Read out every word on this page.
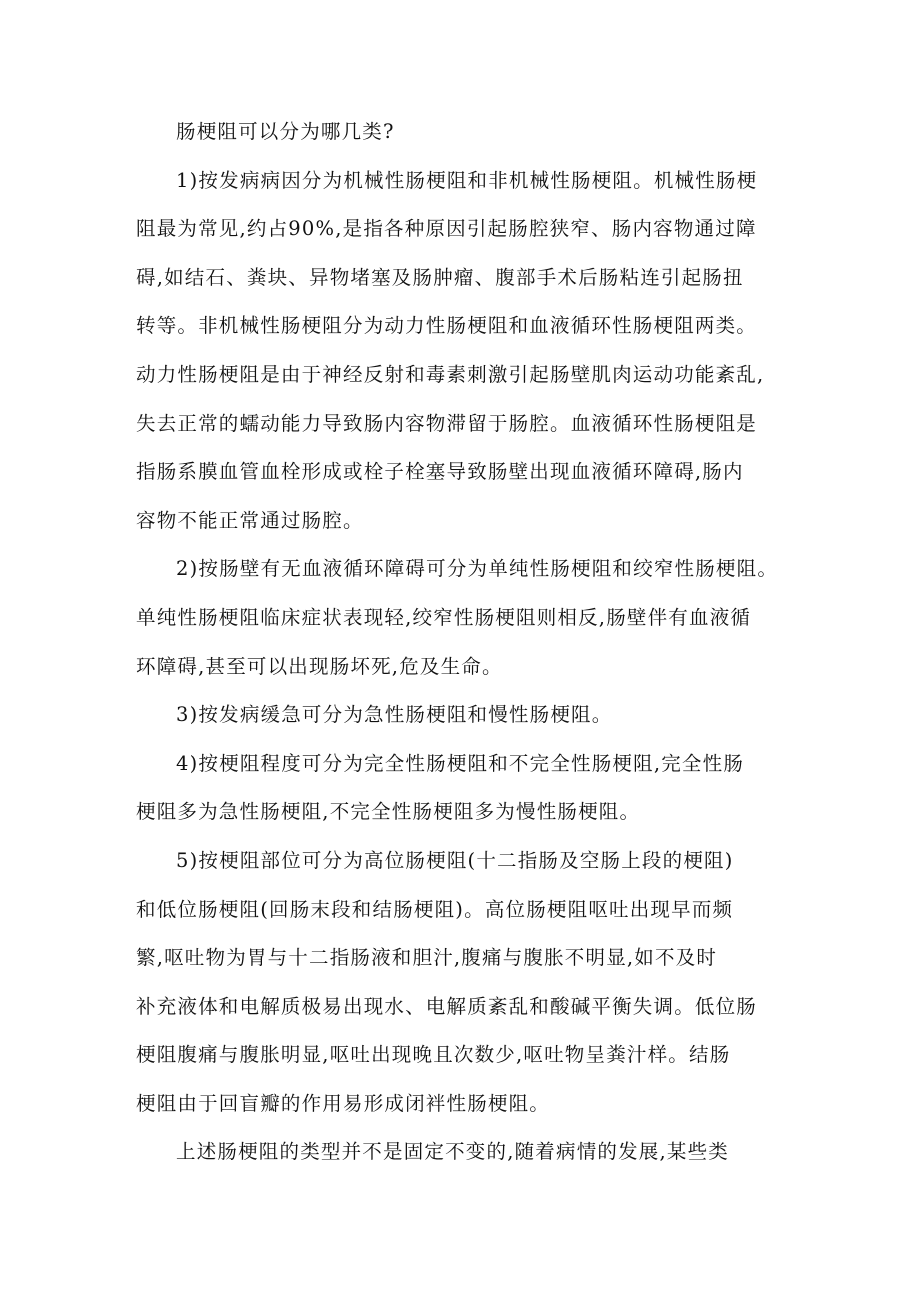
肠梗阻可以分为哪几类?
1)按发病病因分为机械性肠梗阻和非机械性肠梗阻。机械性肠梗
阻最为常见,约占90%,是指各种原因引起肠腔狭窄、肠内容物通过障
碍,如结石、粪块、异物堵塞及肠肿瘤、腹部手术后肠粘连引起肠扭
转等。非机械性肠梗阻分为动力性肠梗阻和血液循环性肠梗阻两类。
动力性肠梗阻是由于神经反射和毒素刺激引起肠壁肌肉运动功能紊乱,
失去正常的蠕动能力导致肠内容物滞留于肠腔。血液循环性肠梗阻是
指肠系膜血管血栓形成或栓子栓塞导致肠壁出现血液循环障碍,肠内
容物不能正常通过肠腔。
2)按肠壁有无血液循环障碍可分为单纯性肠梗阻和绞窄性肠梗阻。
单纯性肠梗阻临床症状表现轻,绞窄性肠梗阻则相反,肠壁伴有血液循
环障碍,甚至可以出现肠坏死,危及生命。
3)按发病缓急可分为急性肠梗阻和慢性肠梗阻。
4)按梗阻程度可分为完全性肠梗阻和不完全性肠梗阻,完全性肠
梗阻多为急性肠梗阻,不完全性肠梗阻多为慢性肠梗阻。
5)按梗阻部位可分为高位肠梗阻(十二指肠及空肠上段的梗阻)
和低位肠梗阻(回肠末段和结肠梗阻)。高位肠梗阻呕吐出现早而频
繁,呕吐物为胃与十二指肠液和胆汁,腹痛与腹胀不明显,如不及时
补充液体和电解质极易出现水、电解质紊乱和酸碱平衡失调。低位肠
梗阻腹痛与腹胀明显,呕吐出现晚且次数少,呕吐物呈粪汁样。结肠
梗阻由于回盲瓣的作用易形成闭袢性肠梗阻。
上述肠梗阻的类型并不是固定不变的,随着病情的发展,某些类
